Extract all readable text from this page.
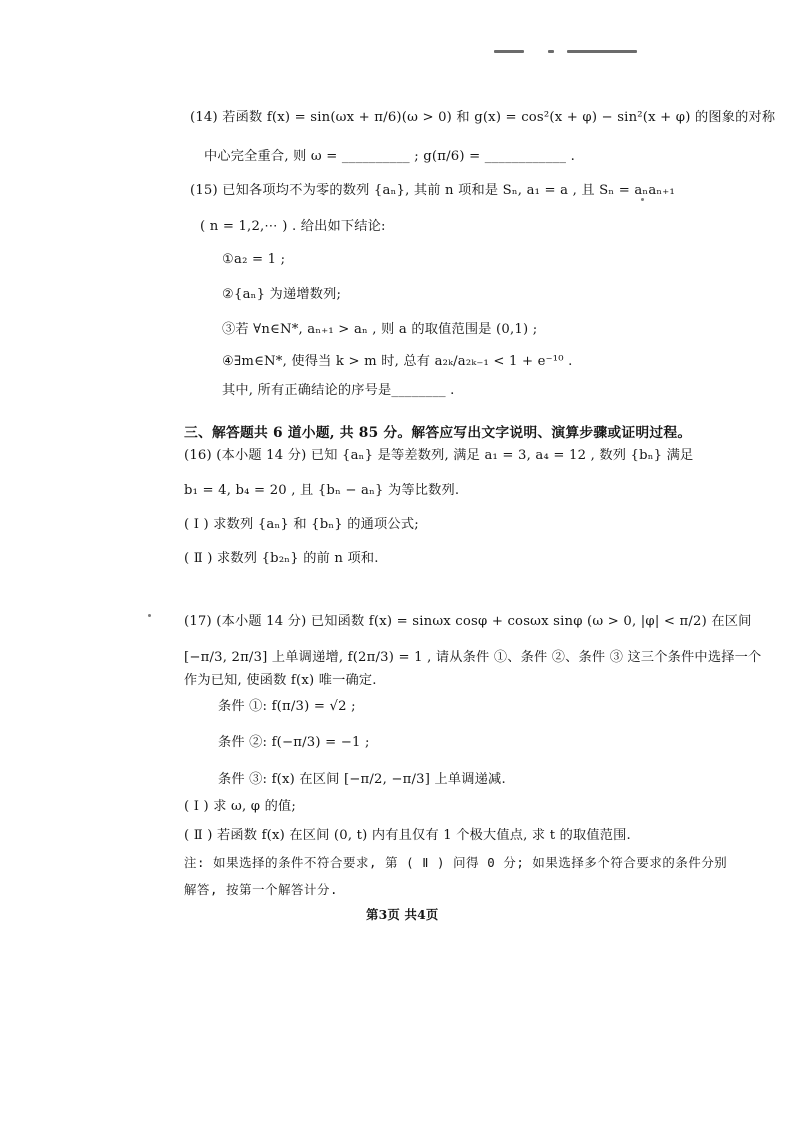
(14) 若函数 f(x) = sin(ωx + π/6)(ω > 0) 和 g(x) = cos²(x + φ) − sin²(x + φ) 的图象的对称
中心完全重合, 则 ω = __________ ; g(π/6) = ____________ .
(15) 已知各项均不为零的数列 {aₙ}, 其前 n 项和是 Sₙ, a₁ = a , 且 Sₙ = aₙaₙ₊₁
( n = 1,2,⋯ ) . 给出如下结论:
①a₂ = 1 ;
②{aₙ} 为递增数列;
③若 ∀n∈N*, aₙ₊₁ > aₙ , 则 a 的取值范围是 (0,1) ;
④∃m∈N*, 使得当 k > m 时, 总有 a₂ₖ/a₂ₖ₋₁ < 1 + e⁻¹⁰ .
其中, 所有正确结论的序号是________ .
三、解答题共 6 道小题, 共 85 分。解答应写出文字说明、演算步骤或证明过程。
(16) (本小题 14 分) 已知 {aₙ} 是等差数列, 满足 a₁ = 3, a₄ = 12 , 数列 {bₙ} 满足
b₁ = 4, b₄ = 20 , 且 {bₙ − aₙ} 为等比数列.
( Ⅰ ) 求数列 {aₙ} 和 {bₙ} 的通项公式;
( Ⅱ ) 求数列 {b₂ₙ} 的前 n 项和.
(17) (本小题 14 分) 已知函数 f(x) = sinωx cosφ + cosωx sinφ (ω > 0, |φ| < π/2) 在区间
[−π/3, 2π/3] 上单调递增, f(2π/3) = 1 , 请从条件 ①、条件 ②、条件 ③ 这三个条件中选择一个
作为已知, 使函数 f(x) 唯一确定.
条件 ①: f(π/3) = √2 ;
条件 ②: f(−π/3) = −1 ;
条件 ③: f(x) 在区间 [−π/2, −π/3] 上单调递减.
( Ⅰ ) 求 ω, φ 的值;
( Ⅱ ) 若函数 f(x) 在区间 (0, t) 内有且仅有 1 个极大值点, 求 t 的取值范围.
注: 如果选择的条件不符合要求, 第 ( Ⅱ ) 问得 0 分; 如果选择多个符合要求的条件分别
解答, 按第一个解答计分.
第3页 共4页
